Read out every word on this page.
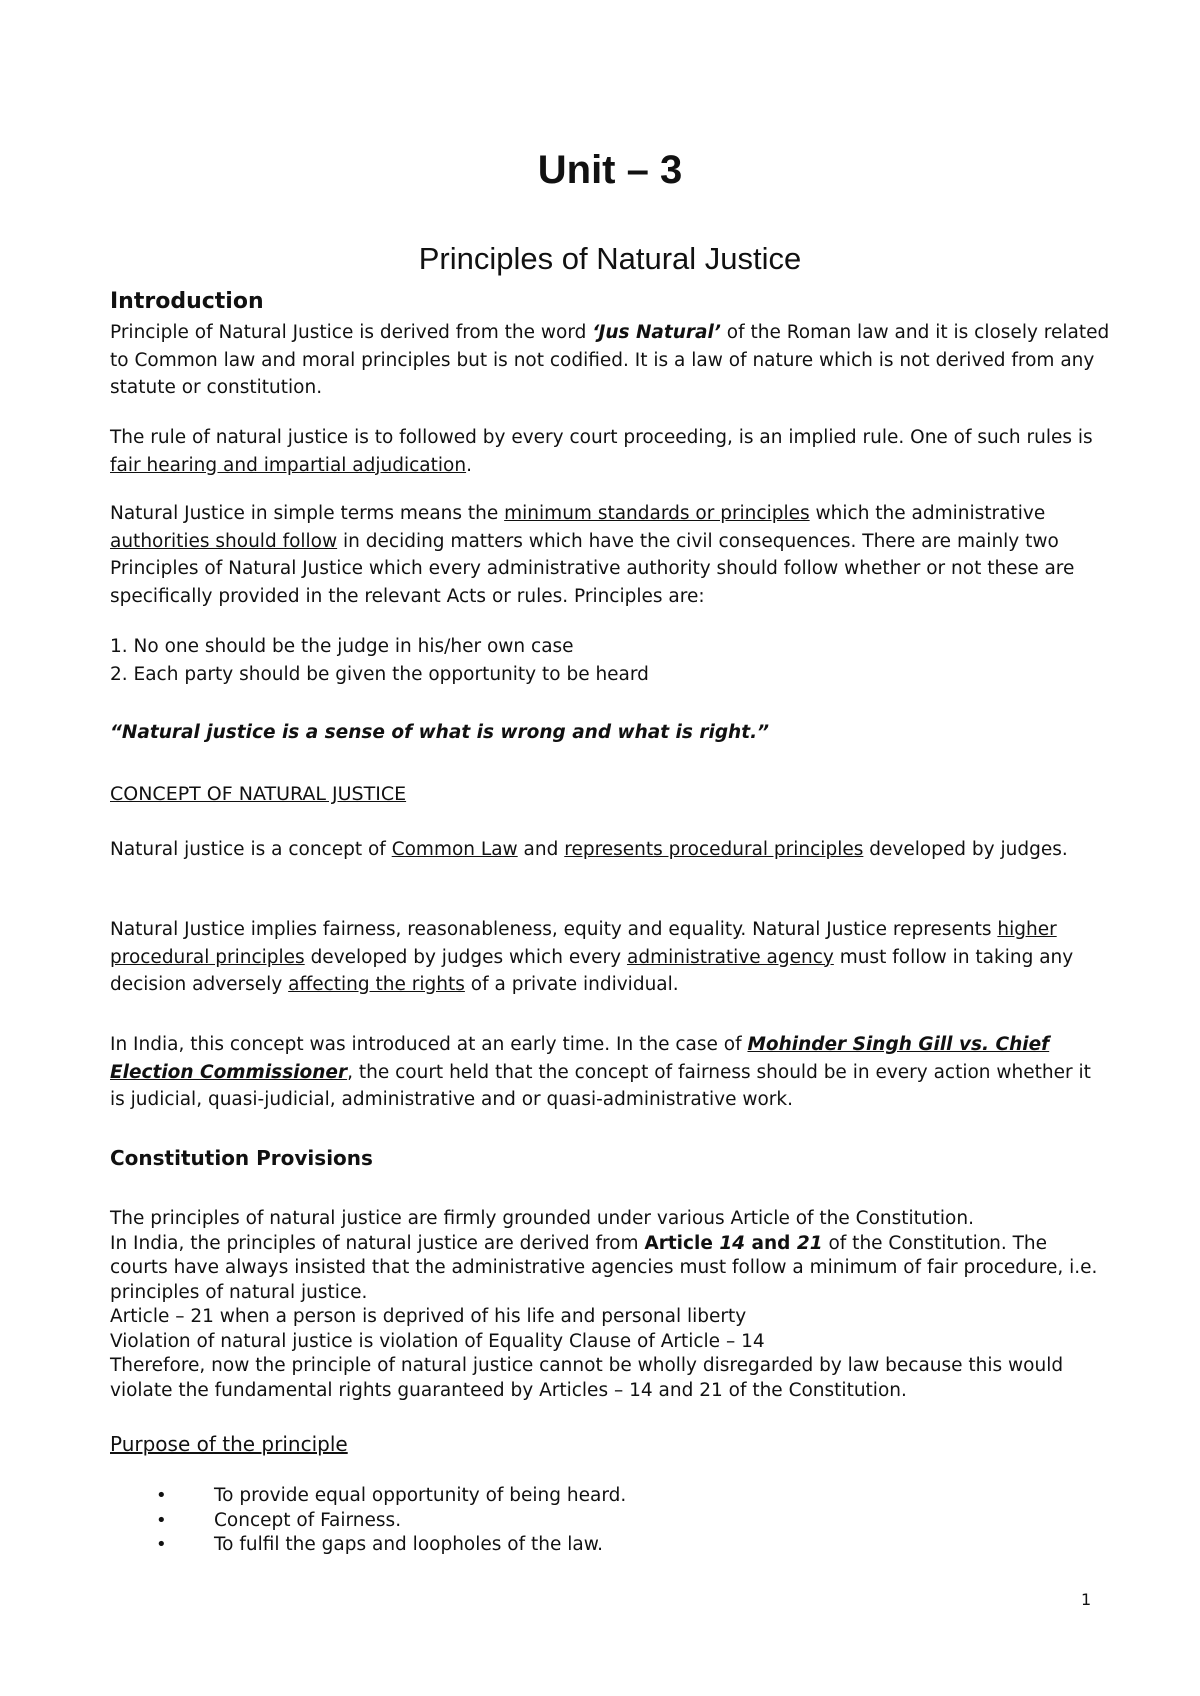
Unit – 3
Principles of Natural Justice
Introduction

Principle of Natural Justice is derived from the word ‘Jus Natural’ of the Roman law and it is closely related to Common law and moral principles but is not codified. It is a law of nature which is not derived from any statute or constitution.

The rule of natural justice is to followed by every court proceeding, is an implied rule. One of such rules is fair hearing and impartial adjudication.

Natural Justice in simple terms means the minimum standards or principles which the administrative authorities should follow in deciding matters which have the civil consequences. There are mainly two Principles of Natural Justice which every administrative authority should follow whether or not these are specifically provided in the relevant Acts or rules. Principles are:

1. No one should be the judge in his/her own case
2. Each party should be given the opportunity to be heard

“Natural justice is a sense of what is wrong and what is right.”

CONCEPT OF NATURAL JUSTICE

Natural justice is a concept of Common Law and represents procedural principles developed by judges.

Natural Justice implies fairness, reasonableness, equity and equality. Natural Justice represents higher procedural principles developed by judges which every administrative agency must follow in taking any decision adversely affecting the rights of a private individual.

In India, this concept was introduced at an early time. In the case of Mohinder Singh Gill vs. Chief Election Commissioner, the court held that the concept of fairness should be in every action whether it is judicial, quasi-judicial, administrative and or quasi-administrative work.

Constitution Provisions
The principles of natural justice are firmly grounded under various Article of the Constitution.
In India, the principles of natural justice are derived from Article 14 and 21 of the Constitution. The courts have always insisted that the administrative agencies must follow a minimum of fair procedure, i.e. principles of natural justice.
Article – 21 when a person is deprived of his life and personal liberty
Violation of natural justice is violation of Equality Clause of Article – 14
Therefore, now the principle of natural justice cannot be wholly disregarded by law because this would violate the fundamental rights guaranteed by Articles – 14 and 21 of the Constitution.
Purpose of the principle
•	To provide equal opportunity of being heard.
•	Concept of Fairness.
•	To fulfil the gaps and loopholes of the law.
1
